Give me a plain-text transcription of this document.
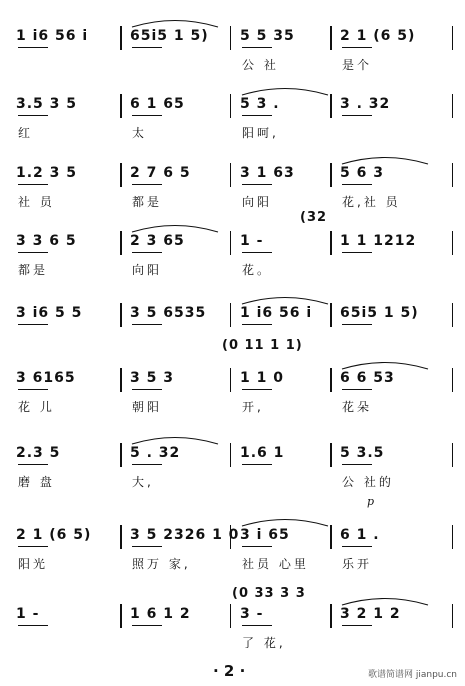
1 i6 56 i	65i5 1 5) 5 5 35
公 社
2 1 (6 5)
是个
3.5 3 5
红
6 1 65
太
5 3 .
阳呵,
3 . 32
1.2 3 5
社 员
2 7 6 5
都是
3 1 63
向阳
5 6 3
花,社 员
3 3 6 5
都是
2 3 65
向阳
1 -
花。
1 1 1212
3 i6 5 5	3 5 6535 1 i6 56 i 65i5 1 5)
3 6165
花 儿
3 5 3
朝阳
1 1 0
开,
6 6 53
花朵
2.3 5
磨 盘
5 . 32
大,
1.6 1	5 3.5
公 社的
2 1 (6 5)
阳光
3 5 2326 1 0
照万 家,
3 i 65
社员 心里
6 1 .
乐开
1 -	1 6 1 2	3 -
了 花,
3 2 1 2
(32
(0 11 1 1)
(0 33 3 3
p
· 2 ·	歌谱简谱网 jianpu.cn
